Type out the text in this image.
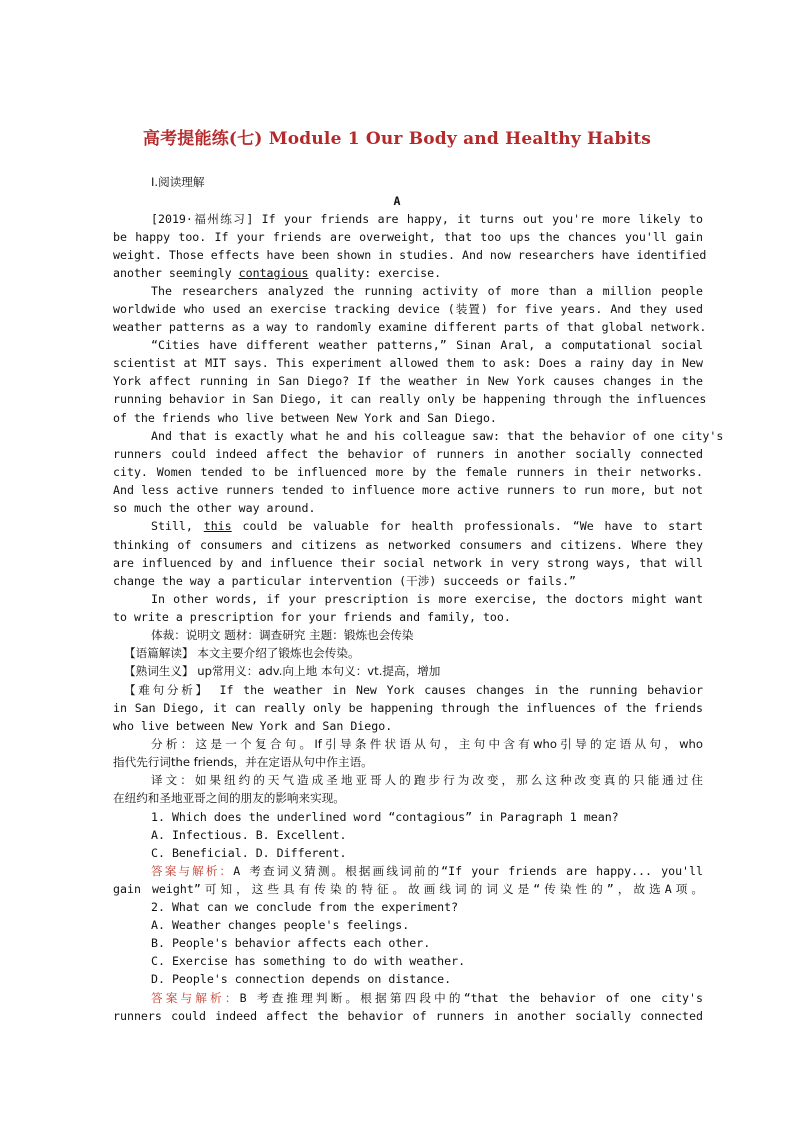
高考提能练(七) Module 1 Our Body and Healthy Habits
Ⅰ.阅读理解
A
[2019·福州练习] If your friends are happy, it turns out you're more likely to
be happy too. If your friends are overweight, that too ups the chances you'll gain
weight. Those effects have been shown in studies. And now researchers have identified
another seemingly contagious quality: exercise.
The researchers analyzed the running activity of more than a million people
worldwide who used an exercise tracking device (装置) for five years. And they used
weather patterns as a way to randomly examine different parts of that global network.
“Cities have different weather patterns,” Sinan Aral, a computational social
scientist at MIT says. This experiment allowed them to ask: Does a rainy day in New
York affect running in San Diego? If the weather in New York causes changes in the
running behavior in San Diego, it can really only be happening through the influences
of the friends who live between New York and San Diego.
And that is exactly what he and his colleague saw: that the behavior of one city's
runners could indeed affect the behavior of runners in another socially connected
city. Women tended to be influenced more by the female runners in their networks.
And less active runners tended to influence more active runners to run more, but not
so much the other way around.
Still, this could be valuable for health professionals. “We have to start
thinking of consumers and citizens as networked consumers and citizens. Where they
are influenced by and influence their social network in very strong ways, that will
change the way a particular intervention (干涉) succeeds or fails.”
In other words, if your prescription is more exercise, the doctors might want
to write a prescription for your friends and family, too.
体裁：说明文 题材：调查研究 主题：锻炼也会传染
【语篇解读】 本文主要介绍了锻炼也会传染。
【熟词生义】 up常用义：adv.向上地 本句义：vt.提高，增加
【难句分析】 If the weather in New York causes changes in the running behavior
in San Diego, it can really only be happening through the influences of the friends
who live between New York and San Diego.
分析：这是一个复合句。If引导条件状语从句，主句中含有who引导的定语从句，who
指代先行词the friends，并在定语从句中作主语。
译文：如果纽约的天气造成圣地亚哥人的跑步行为改变，那么这种改变真的只能通过住
在纽约和圣地亚哥之间的朋友的影响来实现。
1. Which does the underlined word “contagious” in Paragraph 1 mean?
A. Infectious. B. Excellent.
C. Beneficial. D. Different.
答案与解析：A 考查词义猜测。根据画线词前的“If your friends are happy... you'll
gain weight”可知，这些具有传染的特征。故画线词的词义是“传染性的”，故选A项。
2. What can we conclude from the experiment?
A. Weather changes people's feelings.
B. People's behavior affects each other.
C. Exercise has something to do with weather.
D. People's connection depends on distance.
答案与解析：B 考查推理判断。根据第四段中的“that the behavior of one city's
runners could indeed affect the behavior of runners in another socially connected
